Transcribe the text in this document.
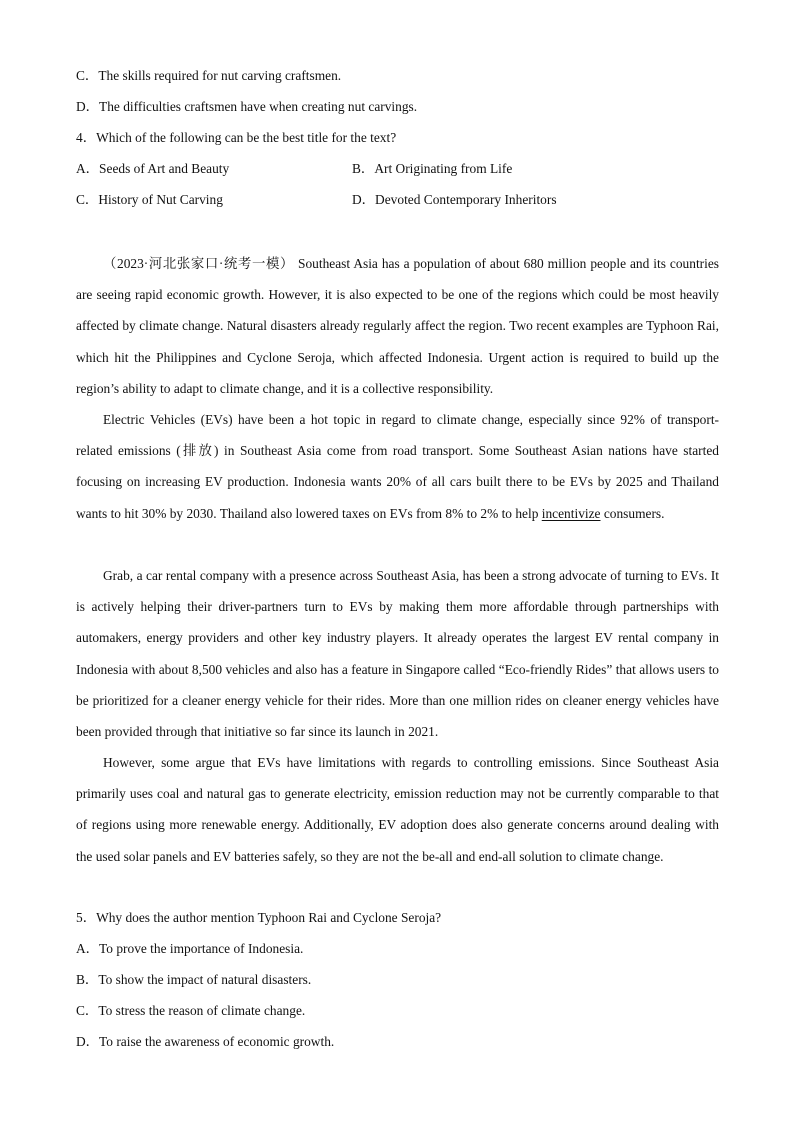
C．The skills required for nut carving craftsmen.
D．The difficulties craftsmen have when creating nut carvings.
4．Which of the following can be the best title for the text?
A．Seeds of Art and Beauty	B．Art Originating from Life
C．History of Nut Carving	D．Devoted Contemporary Inheritors
（2023·河北张家口·统考一模） Southeast Asia has a population of about 680 million people and its countries are seeing rapid economic growth. However, it is also expected to be one of the regions which could be most heavily affected by climate change. Natural disasters already regularly affect the region. Two recent examples are Typhoon Rai, which hit the Philippines and Cyclone Seroja, which affected Indonesia. Urgent action is required to build up the region’s ability to adapt to climate change, and it is a collective responsibility.
Electric Vehicles (EVs) have been a hot topic in regard to climate change, especially since 92% of transport-related emissions (排放) in Southeast Asia come from road transport. Some Southeast Asian nations have started focusing on increasing EV production. Indonesia wants 20% of all cars built there to be EVs by 2025 and Thailand wants to hit 30% by 2030. Thailand also lowered taxes on EVs from 8% to 2% to help incentivize consumers.
Grab, a car rental company with a presence across Southeast Asia, has been a strong advocate of turning to EVs. It is actively helping their driver-partners turn to EVs by making them more affordable through partnerships with automakers, energy providers and other key industry players. It already operates the largest EV rental company in Indonesia with about 8,500 vehicles and also has a feature in Singapore called “Eco-friendly Rides” that allows users to be prioritized for a cleaner energy vehicle for their rides. More than one million rides on cleaner energy vehicles have been provided through that initiative so far since its launch in 2021.
However, some argue that EVs have limitations with regards to controlling emissions. Since Southeast Asia primarily uses coal and natural gas to generate electricity, emission reduction may not be currently comparable to that of regions using more renewable energy. Additionally, EV adoption does also generate concerns around dealing with the used solar panels and EV batteries safely, so they are not the be-all and end-all solution to climate change.
5．Why does the author mention Typhoon Rai and Cyclone Seroja?
A．To prove the importance of Indonesia.
B．To show the impact of natural disasters.
C．To stress the reason of climate change.
D．To raise the awareness of economic growth.
